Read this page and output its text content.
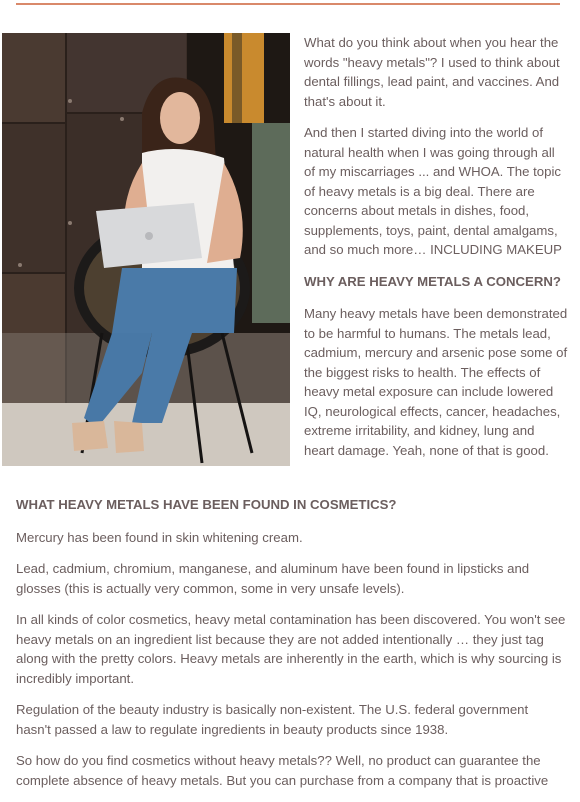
What do you think about when you hear the words "heavy metals"? I used to think about dental fillings, lead paint, and vaccines. And that's about it.

And then I started diving into the world of natural health when I was going through all of my miscarriages ... and WHOA. The topic of heavy metals is a big deal. There are concerns about metals in dishes, food, supplements, toys, paint, dental amalgams, and so much more… INCLUDING MAKEUP

WHY ARE HEAVY METALS A CONCERN?

Many heavy metals have been demonstrated to be harmful to humans. The metals lead, cadmium, mercury and arsenic pose some of the biggest risks to health. The effects of heavy metal exposure can include lowered IQ, neurological effects, cancer, headaches, extreme irritability, and kidney, lung and heart damage. Yeah, none of that is good.

WHAT HEAVY METALS HAVE BEEN FOUND IN COSMETICS?

Mercury has been found in skin whitening cream.

Lead, cadmium, chromium, manganese, and aluminum have been found in lipsticks and glosses (this is actually very common, some in very unsafe levels).

In all kinds of color cosmetics, heavy metal contamination has been discovered. You won't see heavy metals on an ingredient list because they are not added intentionally … they just tag along with the pretty colors. Heavy metals are inherently in the earth, which is why sourcing is incredibly important.

Regulation of the beauty industry is basically non-existent. The U.S. federal government hasn't passed a law to regulate ingredients in beauty products since 1938.

So how do you find cosmetics without heavy metals?? Well, no product can guarantee the complete absence of heavy metals. But you can purchase from a company that is proactive
